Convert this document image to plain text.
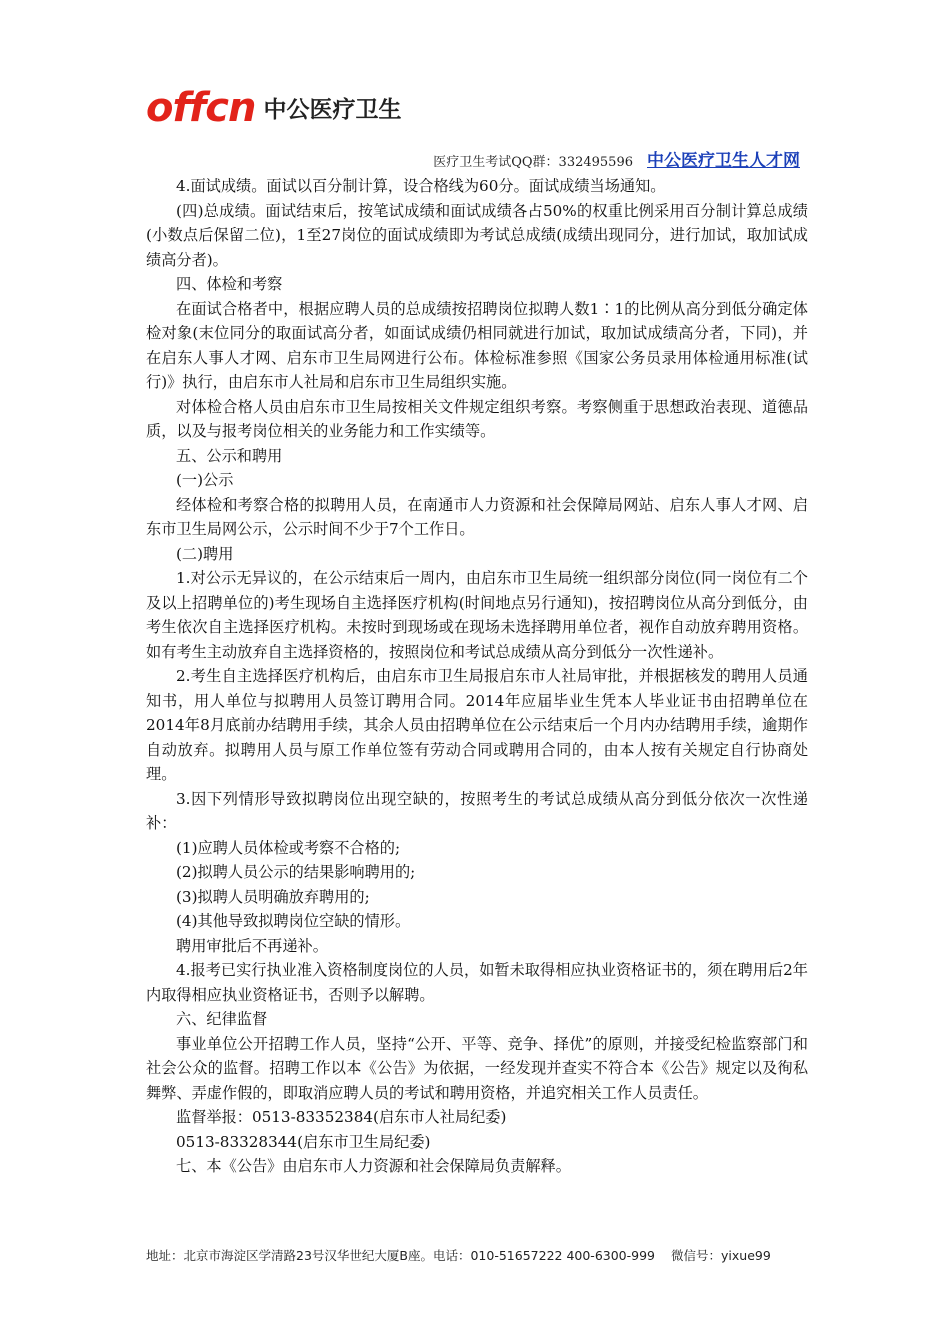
offcn 中公医疗卫生
医疗卫生考试QQ群：332495596 中公医疗卫生人才网

4.面试成绩。面试以百分制计算，设合格线为60分。面试成绩当场通知。

(四)总成绩。面试结束后，按笔试成绩和面试成绩各占50%的权重比例采用百分制计算总成绩(小数点后保留二位)，1至27岗位的面试成绩即为考试总成绩(成绩出现同分，进行加试，取加试成绩高分者)。

四、体检和考察

在面试合格者中，根据应聘人员的总成绩按招聘岗位拟聘人数1∶1的比例从高分到低分确定体检对象(末位同分的取面试高分者，如面试成绩仍相同就进行加试，取加试成绩高分者，下同)，并在启东人事人才网、启东市卫生局网进行公布。体检标准参照《国家公务员录用体检通用标准(试行)》执行，由启东市人社局和启东市卫生局组织实施。

对体检合格人员由启东市卫生局按相关文件规定组织考察。考察侧重于思想政治表现、道德品质，以及与报考岗位相关的业务能力和工作实绩等。

五、公示和聘用

(一)公示

经体检和考察合格的拟聘用人员，在南通市人力资源和社会保障局网站、启东人事人才网、启东市卫生局网公示，公示时间不少于7个工作日。

(二)聘用

1.对公示无异议的，在公示结束后一周内，由启东市卫生局统一组织部分岗位(同一岗位有二个及以上招聘单位的)考生现场自主选择医疗机构(时间地点另行通知)，按招聘岗位从高分到低分，由考生依次自主选择医疗机构。未按时到现场或在现场未选择聘用单位者，视作自动放弃聘用资格。如有考生主动放弃自主选择资格的，按照岗位和考试总成绩从高分到低分一次性递补。

2.考生自主选择医疗机构后，由启东市卫生局报启东市人社局审批，并根据核发的聘用人员通知书，用人单位与拟聘用人员签订聘用合同。2014年应届毕业生凭本人毕业证书由招聘单位在2014年8月底前办结聘用手续，其余人员由招聘单位在公示结束后一个月内办结聘用手续，逾期作自动放弃。拟聘用人员与原工作单位签有劳动合同或聘用合同的，由本人按有关规定自行协商处理。

3.因下列情形导致拟聘岗位出现空缺的，按照考生的考试总成绩从高分到低分依次一次性递补：

(1)应聘人员体检或考察不合格的;

(2)拟聘人员公示的结果影响聘用的;

(3)拟聘人员明确放弃聘用的;

(4)其他导致拟聘岗位空缺的情形。

聘用审批后不再递补。

4.报考已实行执业准入资格制度岗位的人员，如暂未取得相应执业资格证书的，须在聘用后2年内取得相应执业资格证书，否则予以解聘。

六、纪律监督

事业单位公开招聘工作人员，坚持“公开、平等、竞争、择优”的原则，并接受纪检监察部门和社会公众的监督。招聘工作以本《公告》为依据，一经发现并查实不符合本《公告》规定以及徇私舞弊、弄虚作假的，即取消应聘人员的考试和聘用资格，并追究相关工作人员责任。

监督举报：0513-83352384(启东市人社局纪委)

0513-83328344(启东市卫生局纪委)

七、本《公告》由启东市人力资源和社会保障局负责解释。

地址：北京市海淀区学清路23号汉华世纪大厦B座。电话：010-51657222 400-6300-999 微信号：yixue99
